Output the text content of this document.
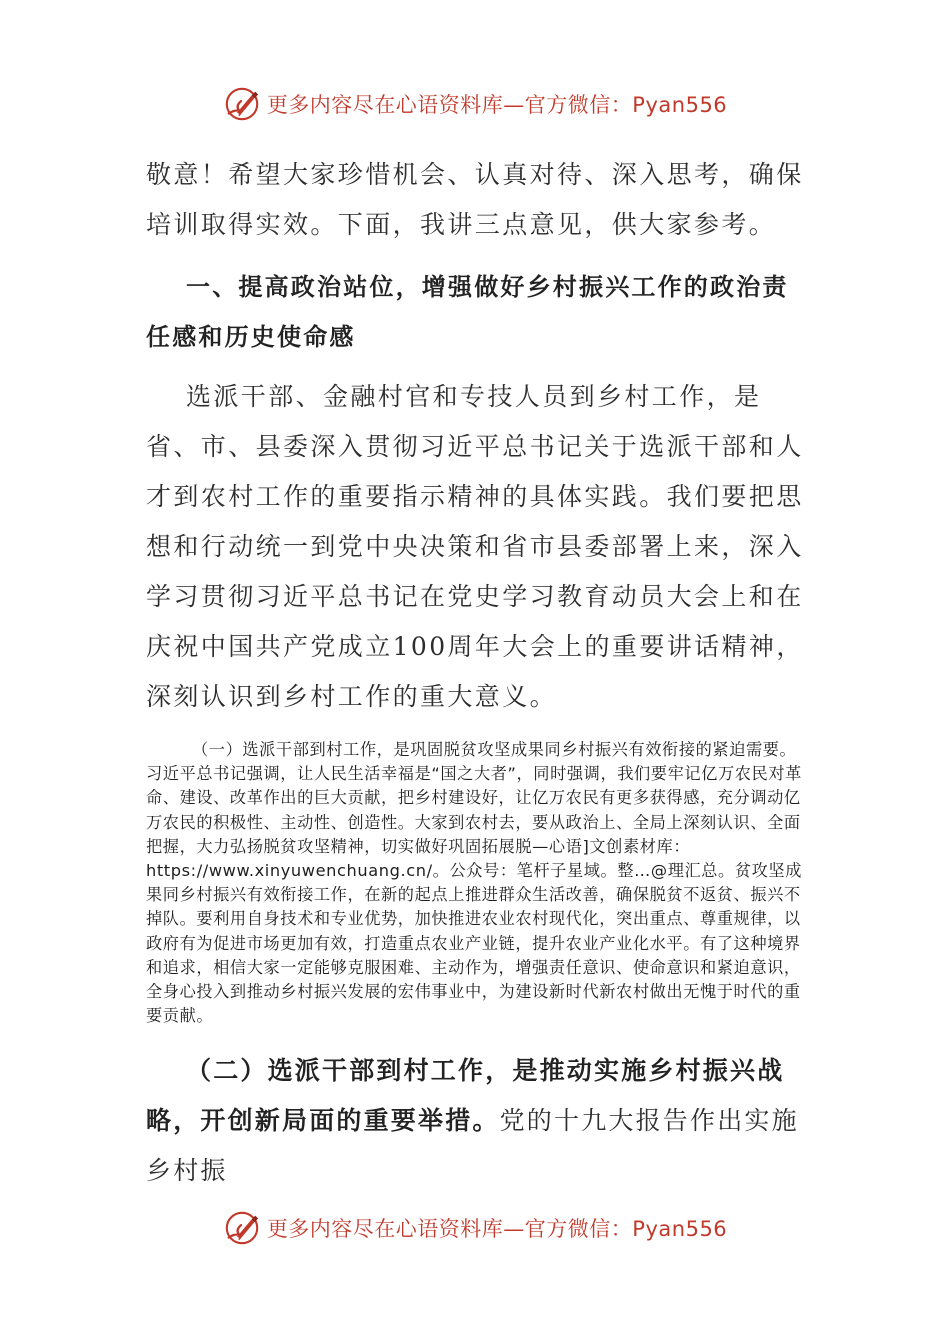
更多内容尽在心语资料库—官方微信：Pyan556

敬意！希望大家珍惜机会、认真对待、深入思考，确保培训取得实效。下面，我讲三点意见，供大家参考。

一、提高政治站位，增强做好乡村振兴工作的政治责任感和历史使命感

选派干部、金融村官和专技人员到乡村工作，是省、市、县委深入贯彻习近平总书记关于选派干部和人才到农村工作的重要指示精神的具体实践。我们要把思想和行动统一到党中央决策和省市县委部署上来，深入学习贯彻习近平总书记在党史学习教育动员大会上和在庆祝中国共产党成立100周年大会上的重要讲话精神，深刻认识到乡村工作的重大意义。

（一）选派干部到村工作，是巩固脱贫攻坚成果同乡村振兴有效衔接的紧迫需要。习近平总书记强调，让人民生活幸福是“国之大者”，同时强调，我们要牢记亿万农民对革命、建设、改革作出的巨大贡献，把乡村建设好，让亿万农民有更多获得感，充分调动亿万农民的积极性、主动性、创造性。大家到农村去，要从政治上、全局上深刻认识、全面把握，大力弘扬脱贫攻坚精神，切实做好巩固拓展脱—心语]文创素材库：https://www.xinyuwenchuang.cn/。公众号：笔杆子星域。整…@理汇总。贫攻坚成果同乡村振兴有效衔接工作，在新的起点上推进群众生活改善，确保脱贫不返贫、振兴不掉队。要利用自身技术和专业优势，加快推进农业农村现代化，突出重点、尊重规律，以政府有为促进市场更加有效，打造重点农业产业链，提升农业产业化水平。有了这种境界和追求，相信大家一定能够克服困难、主动作为，增强责任意识、使命意识和紧迫意识，全身心投入到推动乡村振兴发展的宏伟事业中，为建设新时代新农村做出无愧于时代的重要贡献。

（二）选派干部到村工作，是推动实施乡村振兴战略，开创新局面的重要举措。党的十九大报告作出实施乡村振

更多内容尽在心语资料库—官方微信：Pyan556
